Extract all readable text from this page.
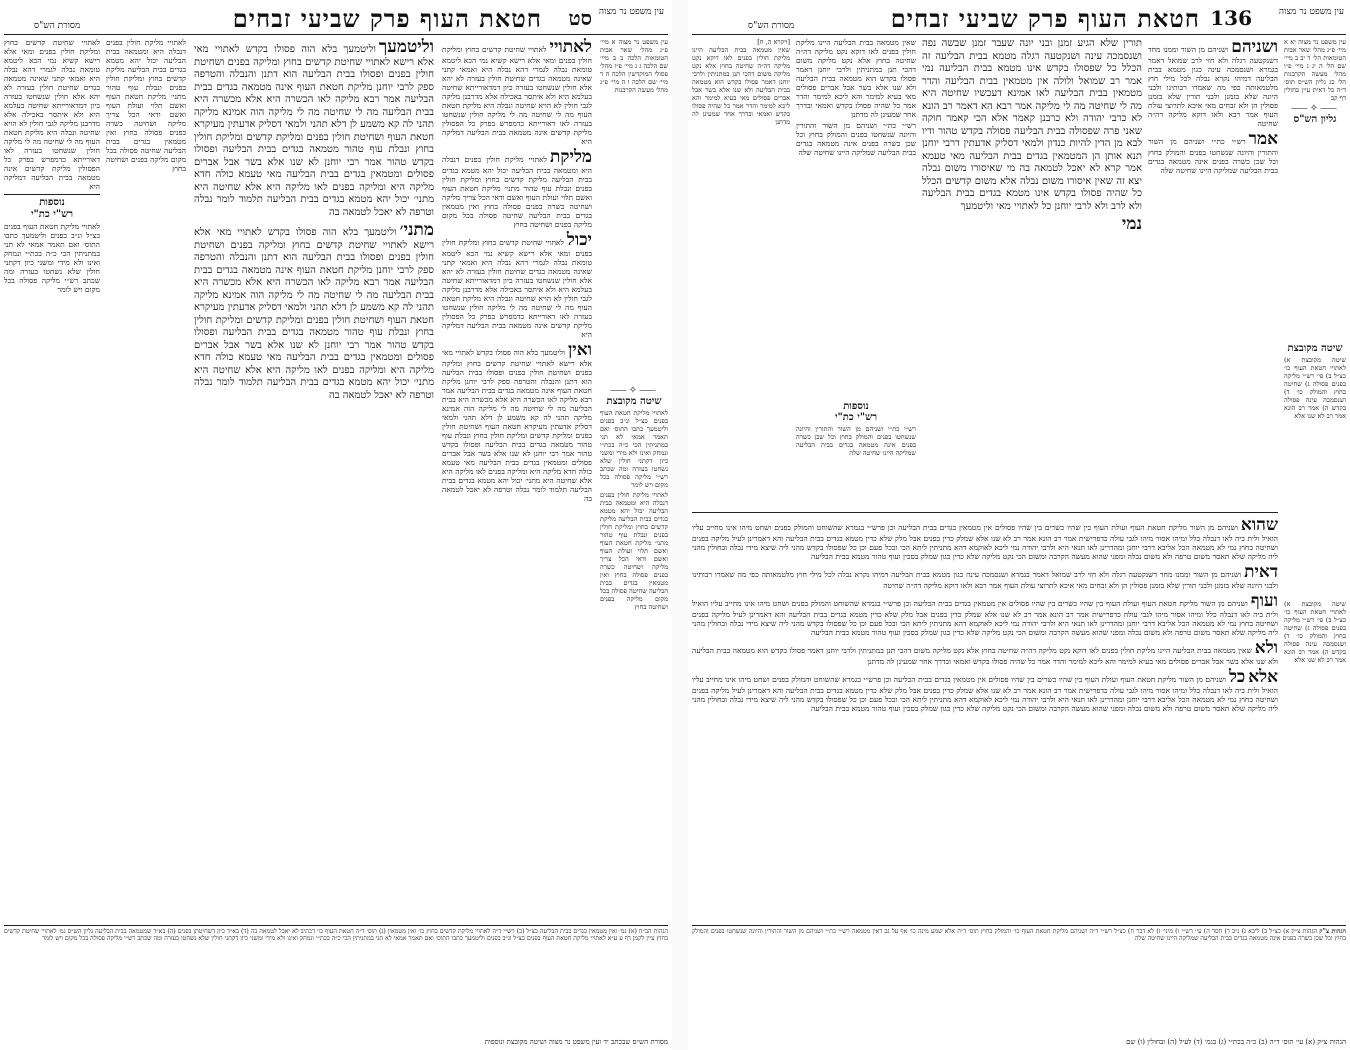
עין משפט נר מצוה
סט
חטאת העוף פרק שביעי זבחים
מסורת הש"ס

עין משפט נר מצוה א מיי׳ פ״ג מהל׳ שאר אבות הטומאות הלכה ב ב מיי׳ שם הלכה ג ג מיי׳ פ״ז מהל׳ פסולי המוקדשין הלכה ה ד מיי׳ שם הלכה ו ה מיי׳ פ״ג מהל׳ מעשה הקרבנות

⸺✧⸺
שיטה מקובצת

לאתויי מליקת חטאת העוף בפנים כצ״ל ונ״ב בפנים וליטמעך כתבו התוס׳ ואם תאמר אמאי לא תני במתניתין הכי כ״ה בכת״י ונמחק ואינו ולא מידי ומשני כיון דקתני חולין שלא נשחטו בעזרה ומה שכתב רש״י מליקה פסולה בכל מקום ויש לומר

לאתויי מליקת חולין בפנים דנבלה היא ומטמאה בבית הבליעה יכול יהא מטמא בגדים בבית הבליעה מליקת קדשים בחוץ ומליקת חולין בפנים ונבלת עוף טהור מתני׳ מליקת חטאת העוף ואשם תלוי ועולת העוף ואשם ודאי הכל צריך מליקה ושחיטה כשרה בפנים פסולה בחוץ ואין מטמאין בגדים בבית הבליעה שחיטה פסולה בכל מקום מליקה בפנים ושחיטה בחוץ

לאתויילאתויי שחיטת קדשים בחוץ ומליקת חולין בפנים ומאי אלא רישא קשיא נמי הכא ליטמא טומאת נבלה לגמרי דהא נבלה היא ואמאי קתני שאינה מטמאה בגדים שחיטת חולין בעזרה לא יהא אלא חולין שנשחטו בעזרה כיון דמדאורייתא שחיטה בעלמא היא ולא איתסר באכילה אלא מדרבנן מליקה לגבי חולין לא הויא שחיטה ונבלה היא מליקת חטאת העוף מה לי שחיטה מה לי מליקה חולין שנשחטו בעזרה לאו דאורייתא כדמפרש בפרק כל הפסולין מליקת קדשים אינה מטמאה בבית הבליעה דמליקה היא

מליקתלאתויי מליקת חולין בפנים דנבלה היא ומטמאה בבית הבליעה יכול יהא מטמא בגדים בבית הבליעה מליקת קדשים בחוץ ומליקת חולין בפנים ונבלת עוף טהור מתני׳ מליקת חטאת העוף ואשם תלוי ועולת העוף ואשם ודאי הכל צריך מליקה ושחיטה כשרה בפנים פסולה בחוץ ואין מטמאין בגדים בבית הבליעה שחיטה פסולה בכל מקום מליקה בפנים ושחיטה בחוץ

יכוללאתויי שחיטת קדשים בחוץ ומליקת חולין בפנים ומאי אלא רישא קשיא נמי הכא ליטמא טומאת נבלה לגמרי דהא נבלה היא ואמאי קתני שאינה מטמאה בגדים שחיטת חולין בעזרה לא יהא אלא חולין שנשחטו בעזרה כיון דמדאורייתא שחיטה בעלמא היא ולא איתסר באכילה אלא מדרבנן מליקה לגבי חולין לא הויא שחיטה ונבלה היא מליקת חטאת העוף מה לי שחיטה מה לי מליקה חולין שנשחטו בעזרה לאו דאורייתא כדמפרש בפרק כל הפסולין מליקת קדשים אינה מטמאה בבית הבליעה דמליקה היא

ואיןוליטמעך בלא הוה פסולו בקדש לאתויי מאי אלא רישא לאתויי שחיטת קדשים בחוץ ומליקה בפנים ושחיטת חולין בפנים ופסולו בבית הבליעה הוא דתנן והנבלה והטרפה ספק לרבי יוחנן מליקת חטאת העוף אינה מטמאה בגדים בבית הבליעה אמר רבא מליקה לאו הכשרה היא אלא מכשרה היא בבית הבליעה מה לי שחיטה מה לי מליקה הוה אמינא מליקה תהני לה קא משמע לן דלא תהני ולמאי דסליק אדעתין מעיקרא חטאת העוף ושחיטת חולין בפנים ומליקת קדשים ומליקת חולין בחוץ ונבלת עוף טהור מטמאה בגדים בבית הבליעה ופסולו בקדש טהור אמר רבי יוחנן לא שנו אלא בשר אבל אברים פסולים ומטמאין בגדים בבית הבליעה מאי טעמא כולה חדא מליקה היא ומליקה בפנים לאו מליקה היא אלא שחיטה היא מתני׳ יכול יהא מטמא בגדים בבית הבליעה תלמוד לומר נבלה וטרפה לא יאכל לטמאה בה

וליטמעךוליטמעך בלא הוה פסולו בקדש לאתויי מאי אלא רישא לאתויי שחיטת קדשים בחוץ ומליקה בפנים ושחיטת חולין בפנים ופסולו בבית הבליעה הוא דתנן והנבלה והטרפה ספק לרבי יוחנן מליקת חטאת העוף אינה מטמאה בגדים בבית הבליעה אמר רבא מליקה לאו הכשרה היא אלא מכשרה היא בבית הבליעה מה לי שחיטה מה לי מליקה הוה אמינא מליקה תהני לה קא משמע לן דלא תהני ולמאי דסליק אדעתין מעיקרא חטאת העוף ושחיטת חולין בפנים ומליקת קדשים ומליקת חולין בחוץ ונבלת עוף טהור מטמאה בגדים בבית הבליעה ופסולו בקדש טהור אמר רבי יוחנן לא שנו אלא בשר אבל אברים פסולים ומטמאין בגדים בבית הבליעה מאי טעמא כולה חדא מליקה היא ומליקה בפנים לאו מליקה היא אלא שחיטה היא מתני׳ יכול יהא מטמא בגדים בבית הבליעה תלמוד לומר נבלה וטרפה לא יאכל לטמאה בה

מתני׳וליטמעך בלא הוה פסולו בקדש לאתויי מאי אלא רישא לאתויי שחיטת קדשים בחוץ ומליקה בפנים ושחיטת חולין בפנים ופסולו בבית הבליעה הוא דתנן והנבלה והטרפה ספק לרבי יוחנן מליקת חטאת העוף אינה מטמאה בגדים בבית הבליעה אמר רבא מליקה לאו הכשרה היא אלא מכשרה היא בבית הבליעה מה לי שחיטה מה לי מליקה הוה אמינא מליקה תהני לה קא משמע לן דלא תהני ולמאי דסליק אדעתין מעיקרא חטאת העוף ושחיטת חולין בפנים ומליקת קדשים ומליקת חולין בחוץ ונבלת עוף טהור מטמאה בגדים בבית הבליעה ופסולו בקדש טהור אמר רבי יוחנן לא שנו אלא בשר אבל אברים פסולים ומטמאין בגדים בבית הבליעה מאי טעמא כולה חדא מליקה היא ומליקה בפנים לאו מליקה היא אלא שחיטה היא מתני׳ יכול יהא מטמא בגדים בבית הבליעה תלמוד לומר נבלה וטרפה לא יאכל לטמאה בה

לאתויי מליקת חולין בפנים דנבלה היא ומטמאה בבית הבליעה יכול יהא מטמא בגדים בבית הבליעה מליקת קדשים בחוץ ומליקת חולין בפנים ונבלת עוף טהור מתני׳ מליקת חטאת העוף ואשם תלוי ועולת העוף ואשם ודאי הכל צריך מליקה ושחיטה כשרה בפנים פסולה בחוץ ואין מטמאין בגדים בבית הבליעה שחיטה פסולה בכל מקום מליקה בפנים ושחיטה בחוץ

לאתויי שחיטת קדשים בחוץ ומליקת חולין בפנים ומאי אלא רישא קשיא נמי הכא ליטמא טומאת נבלה לגמרי דהא נבלה היא ואמאי קתני שאינה מטמאה בגדים שחיטת חולין בעזרה לא יהא אלא חולין שנשחטו בעזרה כיון דמדאורייתא שחיטה בעלמא היא ולא איתסר באכילה אלא מדרבנן מליקה לגבי חולין לא הויא שחיטה ונבלה היא מליקת חטאת העוף מה לי שחיטה מה לי מליקה חולין שנשחטו בעזרה לאו דאורייתא כדמפרש בפרק כל הפסולין מליקת קדשים אינה מטמאה בבית הבליעה דמליקה היא

נוספות
רש"י כת"י

לאתויי מליקת חטאת העוף בפנים כצ״ל ונ״ב בפנים וליטמעך כתבו התוס׳ ואם תאמר אמאי לא תני במתניתין הכי כ״ה בכת״י ונמחק ואינו ולא מידי ומשני כיון דקתני חולין שלא נשחטו בעזרה ומה שכתב רש״י מליקה פסולה בכל מקום ויש לומר

הגהות הב״ח (א) גמ׳ ואין מטמאין בגדים בבית הבליעה כצ״ל (ב) רש״י ד״ה לאתויי מליקת קדשים בחוץ כו׳ ואין מטמאין (ג) תוס׳ ד״ה חטאת העוף כו׳ דכתיב לא יאכל לטמאה בה (ד) בא״ד כיון דשחיטתן בפנים (ה) בא״ד שמטמאה בבית הבליעה גליון הש״ס גמ׳ לאתויי שחיטת קדשים בחוץ עיין לקמן דף ע ע״א לאתויי מליקת חטאת העוף בפנים כצ״ל ונ״ב בפנים וליטמעך כתבו התוס׳ ואם תאמר אמאי לא תני במתניתין הכי כ״ה בכת״י ונמחק ואינו ולא מידי ומשני כיון דקתני חולין שלא נשחטו בעזרה ומה שכתב רש״י מליקה פסולה בכל מקום ויש לומר
מסורת הש״ס שבכתב יד ועין משפט נר מצוה ושיטה מקובצת ונוספות
עין משפט נר מצוה
136
חטאת העוף פרק שביעי זבחים
מסורת הש"ס

עין משפט נר מצוה יא א מיי׳ פ״ג מהל׳ שאר אבות הטומאות הל׳ ד יב ב מיי׳ שם הל׳ ה יג ג מיי׳ פ״ו מהל׳ מעשה הקרבנות הל׳ כג גליון הש״ס תוס׳ ד״ה כל דאית עיין בחולין דף קב

⸺✧⸺
גליון הש"ס
שיטה מקובצת

שיטה מקובצת א) לאתויי חטאת העוף כו׳ כצ״ל ב) פי׳ רש״י מליקה בפנים פסולה ג) שחיטה בחוץ והמולק כו׳ ד) ושנסמכה עינה פסולה בקדש ה) אמר רב הונא אמר רב לא שנו אלא

ושניהםושניהם מן השור וממנו מחד דשנקטעה רגלה ולא חזי לרב שמואל דאמר בגמרא ושנסמכה עינה כגון מטמא בבית הבליעה דמיהו נקרא נבלה לכל מילי חוץ מלטמאותה כפי מה שאמרו רבותינו ולבני היונה שלא בזמנן ולבני תורין שלא בזמנן פסולין הן ולא זבחים מאי איכא לתרוצי עולת העוף אמר רבא ולאו דוקא מליקה דה״ה שחיטה

אמררש״י כת״י ושניהם מן השור והתורין והיונה שנשחטו בפנים והמולק בחוץ וכל שכן כשרה בפנים אינה מטמאה בגדים בבית הבליעה שמליקה היינו שחיטה שלה

תורין שלא הגיע זמנן ובני יונה שעבר זמנן שבשה נפה ושנסמכה עינה ושנקטעה רגלה מטמא בבית הבליעה זה הכלל כל שפסולו בקדש אינו מטמא בבית הבליעה נמי אמר רב שמואל ולולה אין מטמאין בבית הבליעה והדר מטמאין בבית הבליעה לאו אמינא דעכשיו שחיטה היא מה לי שחיטה מה לי מליקה אמר רבא הא דאמר רב הונא לא כרבי יהודה ולא כרבנן קאמר אלא הכי קאמר חוקה שאני פרה שפסולה בבית הבליעה פסולה בקדש טהור ודיו לבא מן הדין להיות כנדון ולמאי דסליק אדעתין דרבי יוחנן תנא אותן הן המטמאין בגדים בבית הבליעה מאי טעמא אמר קרא לא יאכל לטמאה בה מי שאיסורו משום נבלה יצא זה שאין איסורו משום נבלה אלא משום קדשים הכלל כל שהיה פסולו בקדש אינו מטמא בגדים בבית הבליעה ולא לרב ולא לרבי יוחנן כל לאתויי מאי וליטמעך

נמי

שאין מטמאה בבית הבליעה היינו מליקת חולין בפנים לאו דוקא נקט מליקה דה״ה שחיטה בחוץ אלא נקט מליקה משום דהכי תנן במתניתין ולרבי יוחנן דאמר פסולו בקדש הוא מטמאה בבית הבליעה ולא שנו אלא בשר אבל אברים פסולים מאי בעיא למימר והא ליכא למימר והדר אמר כל שהיה פסולו בקדש ואמאי ובדרך אחר שמעינן לה מדתנן

רש״י כת״י ושניהם מן השור והתורין והיונה שנשחטו בפנים והמולק בחוץ וכל שכן כשרה בפנים אינה מטמאה בגדים בבית הבליעה שמליקה היינו שחיטה שלה

נוספות
רש"י כת"י

רש״י כת״י ושניהם מן השור והתורין והיונה שנשחטו בפנים והמולק בחוץ וכל שכן כשרה בפנים אינה מטמאה בגדים בבית הבליעה שמליקה היינו שחיטה שלה

[ויקרא ה, ח]

שאין מטמאה בבית הבליעה היינו מליקת חולין בפנים לאו דוקא נקט מליקה דה״ה שחיטה בחוץ אלא נקט מליקה משום דהכי תנן במתניתין ולרבי יוחנן דאמר פסולו בקדש הוא מטמאה בבית הבליעה ולא שנו אלא בשר אבל אברים פסולים מאי בעיא למימר והא ליכא למימר והדר אמר כל שהיה פסולו בקדש ואמאי ובדרך אחר שמעינן לה מדתנן

שהואושניהם מן השור מליקת חטאת העוף ועולת העוף בין שהיו כשרים בין שהיו פסולים אין מטמאין בגדים בבית הבליעה וכן פרש״י בגמרא שהשוחט והמולק בפנים ושחט מיהו אינו מחייב עליו הואיל ולית ביה לאו דנבלה כלל ומיהו אסור מיהו לגבי עולה כדפרישית אמר רב הונא אמר רב לא שנו אלא שמלק כדין בפנים אבל מלק שלא כדין מטמא בגדים בבית הבליעה והא דאמרינן לעיל מליקה בפנים ושחיטה בחוץ נמי לא מטמאה הכל אליבא דרבי יוחנן ומהדרינן לאו תנאי היא ולרבי יהודה נמי ליכא לאוקמא דהא מתניתין ליתא הכי ובכל פעם וכן כל שפסולו בקדש מהני ליה שיצא מידי נבלה ובחולין מהני ליה מליקה שלא תאסר משום טרפה ולא משום נבלה ומפני שהוא מעשה הקרבה ומשום הכי נקט מליקה שלא כדין כגון שמלק בסכין ועוף טהור מטמא בבית הבליעה

דאיתושניהם מן השור וממנו מחד דשנקטעה רגלה ולא חזי לרב שמואל דאמר בגמרא ושנסמכה עינה כגון מטמא בבית הבליעה דמיהו נקרא נבלה לכל מילי חוץ מלטמאותה כפי מה שאמרו רבותינו ולבני היונה שלא בזמנן ולבני תורין שלא בזמנן פסולין הן ולא זבחים מאי איכא לתרוצי עולת העוף אמר רבא ולאו דוקא מליקה דה״ה שחיטה

ועוףושניהם מן השור מליקת חטאת העוף ועולת העוף בין שהיו כשרים בין שהיו פסולים אין מטמאין בגדים בבית הבליעה וכן פרש״י בגמרא שהשוחט והמולק בפנים ושחט מיהו אינו מחייב עליו הואיל ולית ביה לאו דנבלה כלל ומיהו אסור מיהו לגבי עולה כדפרישית אמר רב הונא אמר רב לא שנו אלא שמלק כדין בפנים אבל מלק שלא כדין מטמא בגדים בבית הבליעה והא דאמרינן לעיל מליקה בפנים ושחיטה בחוץ נמי לא מטמאה הכל אליבא דרבי יוחנן ומהדרינן לאו תנאי היא ולרבי יהודה נמי ליכא לאוקמא דהא מתניתין ליתא הכי ובכל פעם וכן כל שפסולו בקדש מהני ליה שיצא מידי נבלה ובחולין מהני ליה מליקה שלא תאסר משום טרפה ולא משום נבלה ומפני שהוא מעשה הקרבה ומשום הכי נקט מליקה שלא כדין כגון שמלק בסכין ועוף טהור מטמא בבית הבליעה

ולאשאין מטמאה בבית הבליעה היינו מליקת חולין בפנים לאו דוקא נקט מליקה דה״ה שחיטה בחוץ אלא נקט מליקה משום דהכי תנן במתניתין ולרבי יוחנן דאמר פסולו בקדש הוא מטמאה בבית הבליעה ולא שנו אלא בשר אבל אברים פסולים מאי בעיא למימר והא ליכא למימר והדר אמר כל שהיה פסולו בקדש ואמאי ובדרך אחר שמעינן לה מדתנן

אלאכלושניהם מן השור מליקת חטאת העוף ועולת העוף בין שהיו כשרים בין שהיו פסולים אין מטמאין בגדים בבית הבליעה וכן פרש״י בגמרא שהשוחט והמולק בפנים ושחט מיהו אינו מחייב עליו הואיל ולית ביה לאו דנבלה כלל ומיהו אסור מיהו לגבי עולה כדפרישית אמר רב הונא אמר רב לא שנו אלא שמלק כדין בפנים אבל מלק שלא כדין מטמא בגדים בבית הבליעה והא דאמרינן לעיל מליקה בפנים ושחיטה בחוץ נמי לא מטמאה הכל אליבא דרבי יוחנן ומהדרינן לאו תנאי היא ולרבי יהודה נמי ליכא לאוקמא דהא מתניתין ליתא הכי ובכל פעם וכן כל שפסולו בקדש מהני ליה שיצא מידי נבלה ובחולין מהני ליה מליקה שלא תאסר משום טרפה ולא משום נבלה ומפני שהוא מעשה הקרבה ומשום הכי נקט מליקה שלא כדין כגון שמלק בסכין ועוף טהור מטמא בבית הבליעה

שיטה מקובצת א) לאתויי חטאת העוף כו׳ כצ״ל ב) פי׳ רש״י מליקה בפנים פסולה ג) שחיטה בחוץ והמולק כו׳ ד) ושנסמכה עינה פסולה בקדש ה) אמר רב הונא אמר רב לא שנו אלא

הגהות צ"ק הגהות צ״ק א) כצ״ל ב) ליכא ג) נ״ב ד) חסר ה) עי׳ רש״י ו) מיני׳ ז) לא דבר ח) כצ״ל רש״י ד״ה ושניהם מליקת חטאת העוף כו׳ והמולק בחוץ תוס׳ ד״ה אלא שמע מינה כו׳ אף על גב דאין מטמאה רש״י כת״י ושניהם מן השור והתורין והיונה שנשחטו בפנים והמולק בחוץ וכל שכן כשרה בפנים אינה מטמאה בגדים בבית הבליעה שמליקה היינו שחיטה שלה
הגהות צ״ק (א) עי׳ תוס׳ ד״ה (ב) כ״ה בכת״י (ג) בגמ׳ (ד) לעיל (ה) ובחולין (ו) שם
